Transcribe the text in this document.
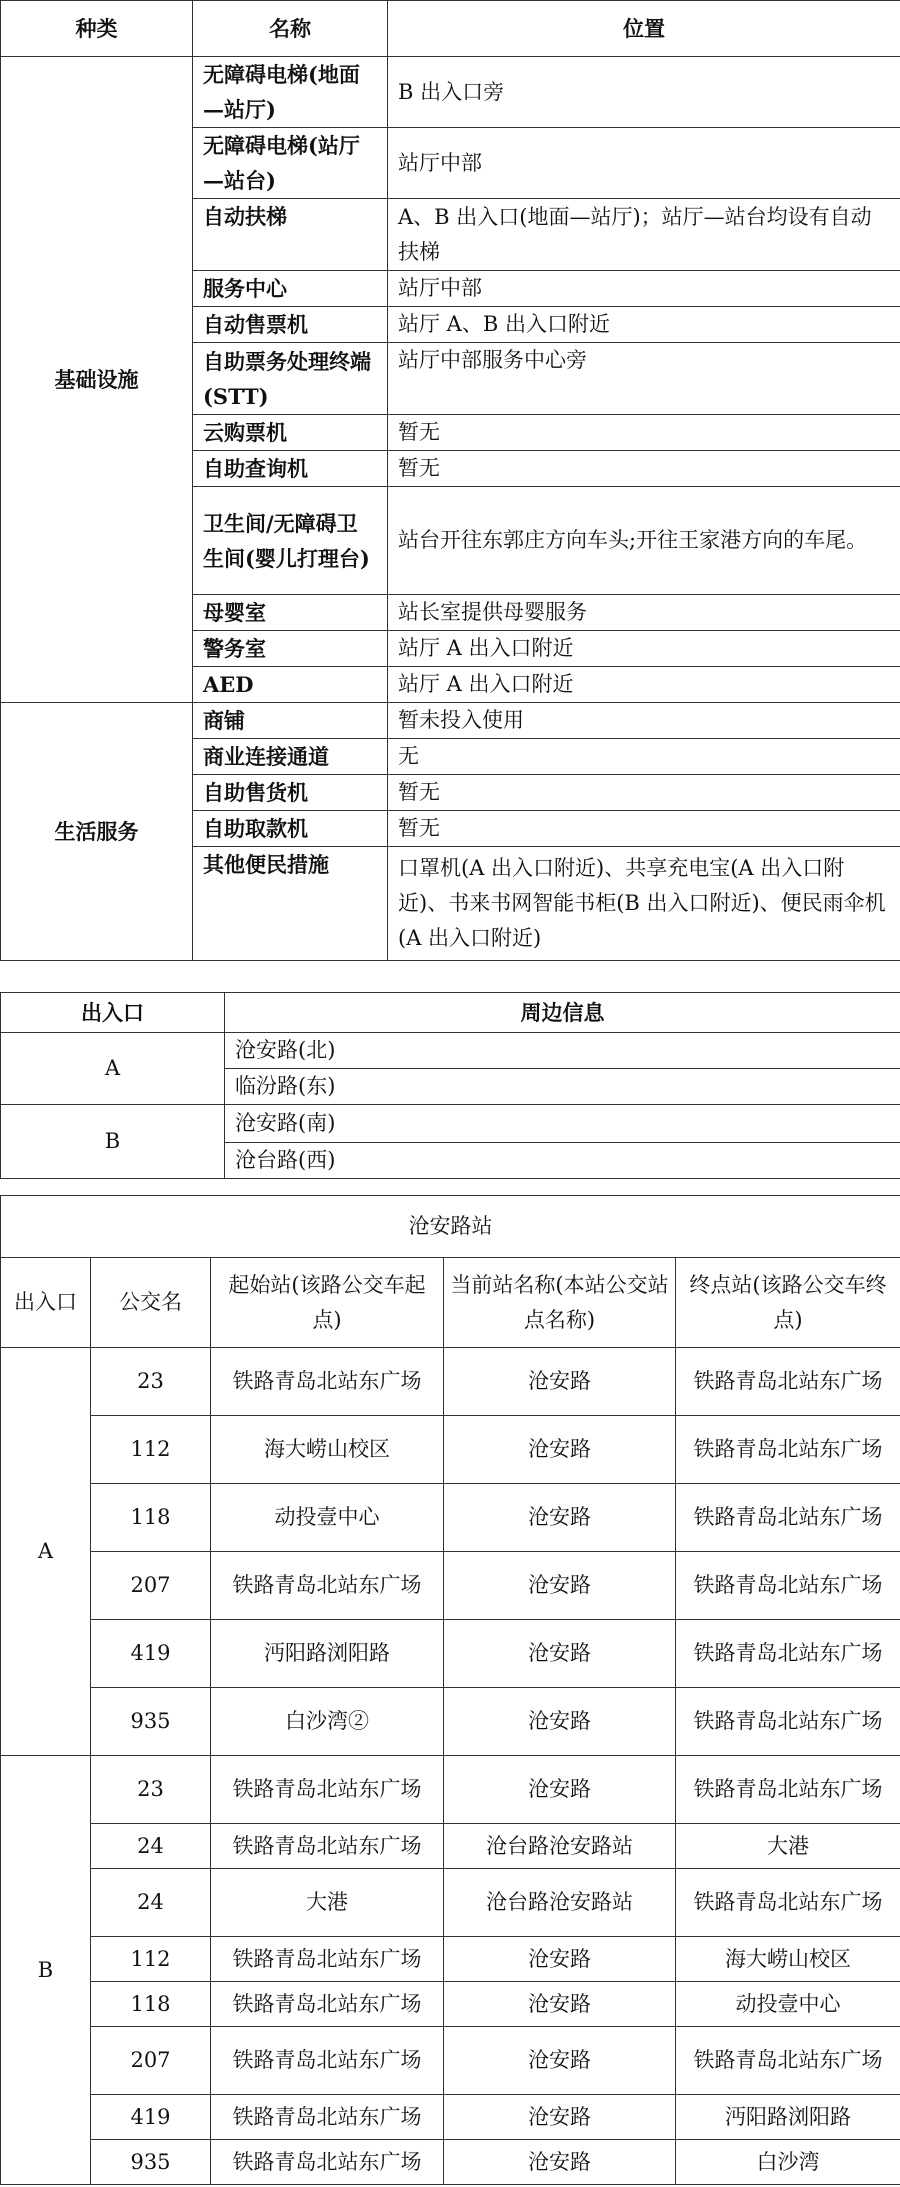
种类	名称	位置
基础设施	无障碍电梯(地面—站厅)	B 出入口旁
	无障碍电梯(站厅—站台)	站厅中部
	自动扶梯	A、B 出入口(地面—站厅)；站厅—站台均设有自动扶梯
	服务中心	站厅中部
	自动售票机	站厅 A、B 出入口附近
	自助票务处理终端(STT)	站厅中部服务中心旁
	云购票机	暂无
	自助查询机	暂无
	卫生间/无障碍卫生间(婴儿打理台)	站台开往东郭庄方向车头;开往王家港方向的车尾。
	母婴室	站长室提供母婴服务
	警务室	站厅 A 出入口附近
	AED	站厅 A 出入口附近
生活服务	商铺	暂未投入使用
	商业连接通道	无
	自助售货机	暂无
	自助取款机	暂无
	其他便民措施	口罩机(A 出入口附近)、共享充电宝(A 出入口附近)、书来书网智能书柜(B 出入口附近)、便民雨伞机(A 出入口附近)
出入口	周边信息
A	沧安路(北)
	临汾路(东)
B	沧安路(南)
	沧台路(西)
沧安路站				
出入口	公交名	起始站(该路公交车起点)	当前站名称(本站公交站点名称)	终点站(该路公交车终点)
A	23	铁路青岛北站东广场	沧安路	铁路青岛北站东广场
	112	海大崂山校区	沧安路	铁路青岛北站东广场
	118	动投壹中心	沧安路	铁路青岛北站东广场
	207	铁路青岛北站东广场	沧安路	铁路青岛北站东广场
	419	沔阳路浏阳路	沧安路	铁路青岛北站东广场
	935	白沙湾②	沧安路	铁路青岛北站东广场
B	23	铁路青岛北站东广场	沧安路	铁路青岛北站东广场
	24	铁路青岛北站东广场	沧台路沧安路站	大港
	24	大港	沧台路沧安路站	铁路青岛北站东广场
	112	铁路青岛北站东广场	沧安路	海大崂山校区
	118	铁路青岛北站东广场	沧安路	动投壹中心
	207	铁路青岛北站东广场	沧安路	铁路青岛北站东广场
	419	铁路青岛北站东广场	沧安路	沔阳路浏阳路
	935	铁路青岛北站东广场	沧安路	白沙湾
